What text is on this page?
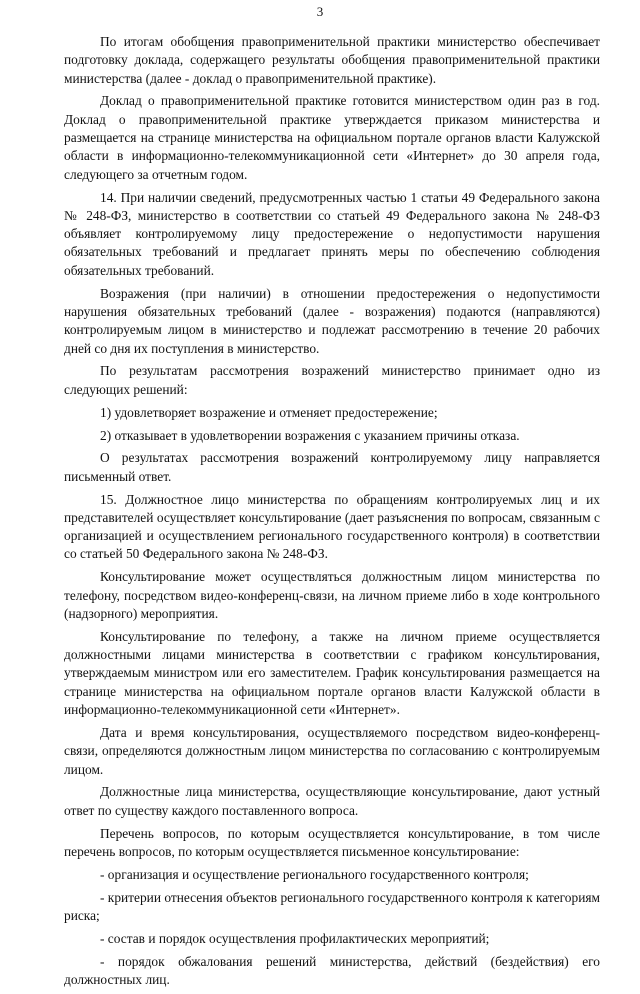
3

По итогам обобщения правоприменительной практики министерство обеспечивает подготовку доклада, содержащего результаты обобщения правоприменительной практики министерства (далее - доклад о правоприменительной практике).

Доклад о правоприменительной практике готовится министерством один раз в год. Доклад о правоприменительной практике утверждается приказом министерства и размещается на странице министерства на официальном портале органов власти Калужской области в информационно-телекоммуникационной сети «Интернет» до 30 апреля года, следующего за отчетным годом.

14. При наличии сведений, предусмотренных частью 1 статьи 49 Федерального закона № 248-ФЗ, министерство в соответствии со статьей 49 Федерального закона № 248-ФЗ объявляет контролируемому лицу предостережение о недопустимости нарушения обязательных требований и предлагает принять меры по обеспечению соблюдения обязательных требований.

Возражения (при наличии) в отношении предостережения о недопустимости нарушения обязательных требований (далее - возражения) подаются (направляются) контролируемым лицом в министерство и подлежат рассмотрению в течение 20 рабочих дней со дня их поступления в министерство.

По результатам рассмотрения возражений министерство принимает одно из следующих решений:

1) удовлетворяет возражение и отменяет предостережение;

2) отказывает в удовлетворении возражения с указанием причины отказа.

О результатах рассмотрения возражений контролируемому лицу направляется письменный ответ.

15. Должностное лицо министерства по обращениям контролируемых лиц и их представителей осуществляет консультирование (дает разъяснения по вопросам, связанным с организацией и осуществлением регионального государственного контроля) в соответствии со статьей 50 Федерального закона № 248-ФЗ.

Консультирование может осуществляться должностным лицом министерства по телефону, посредством видео-конференц-связи, на личном приеме либо в ходе контрольного (надзорного) мероприятия.

Консультирование по телефону, а также на личном приеме осуществляется должностными лицами министерства в соответствии с графиком консультирования, утверждаемым министром или его заместителем. График консультирования размещается на странице министерства на официальном портале органов власти Калужской области в информационно-телекоммуникационной сети «Интернет».

Дата и время консультирования, осуществляемого посредством видео-конференц-связи, определяются должностным лицом министерства по согласованию с контролируемым лицом.

Должностные лица министерства, осуществляющие консультирование, дают устный ответ по существу каждого поставленного вопроса.

Перечень вопросов, по которым осуществляется консультирование, в том числе перечень вопросов, по которым осуществляется письменное консультирование:

- организация и осуществление регионального государственного контроля;

- критерии отнесения объектов регионального государственного контроля к категориям риска;

- состав и порядок осуществления профилактических мероприятий;

- порядок обжалования решений министерства, действий (бездействия) его должностных лиц.
